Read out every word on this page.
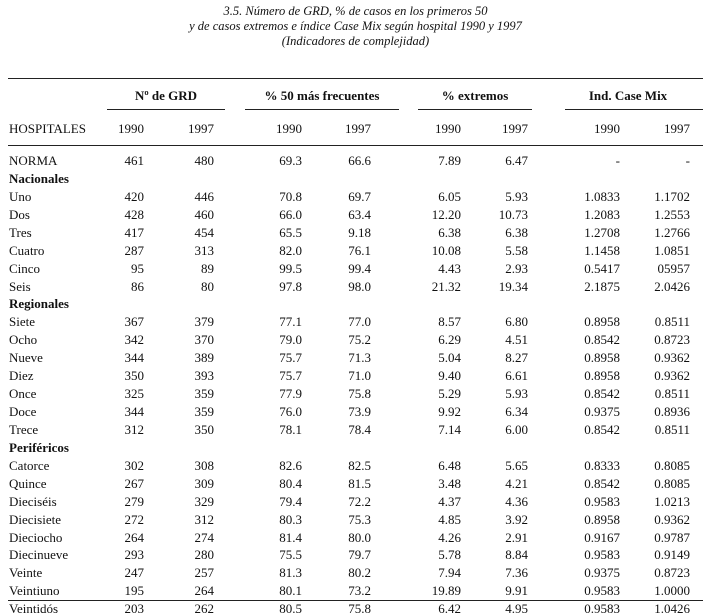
3.5. Número de GRD, % de casos en los primeros 50
y de casos extremos e índice Case Mix según hospital 1990 y 1997
(Indicadores de complejidad)
Nº de GRD	% 50 más frecuentes	% extremos	Ind. Case Mix
HOSPITALES	1990	1997	1990	1997	1990	1997	1990	1997
NORMA	461	480	69.3	66.6	7.89	6.47	-	-
Nacionales
Uno	420	446	70.8	69.7	6.05	5.93	1.0833	1.1702
Dos	428	460	66.0	63.4	12.20	10.73	1.2083	1.2553
Tres	417	454	65.5	9.18	6.38	6.38	1.2708	1.2766
Cuatro	287	313	82.0	76.1	10.08	5.58	1.1458	1.0851
Cinco	95	89	99.5	99.4	4.43	2.93	0.5417	05957
Seis	86	80	97.8	98.0	21.32	19.34	2.1875	2.0426
Regionales
Siete	367	379	77.1	77.0	8.57	6.80	0.8958	0.8511
Ocho	342	370	79.0	75.2	6.29	4.51	0.8542	0.8723
Nueve	344	389	75.7	71.3	5.04	8.27	0.8958	0.9362
Diez	350	393	75.7	71.0	9.40	6.61	0.8958	0.9362
Once	325	359	77.9	75.8	5.29	5.93	0.8542	0.8511
Doce	344	359	76.0	73.9	9.92	6.34	0.9375	0.8936
Trece	312	350	78.1	78.4	7.14	6.00	0.8542	0.8511
Periféricos
Catorce	302	308	82.6	82.5	6.48	5.65	0.8333	0.8085
Quince	267	309	80.4	81.5	3.48	4.21	0.8542	0.8085
Dieciséis	279	329	79.4	72.2	4.37	4.36	0.9583	1.0213
Diecisiete	272	312	80.3	75.3	4.85	3.92	0.8958	0.9362
Dieciocho	264	274	81.4	80.0	4.26	2.91	0.9167	0.9787
Diecinueve	293	280	75.5	79.7	5.78	8.84	0.9583	0.9149
Veinte	247	257	81.3	80.2	7.94	7.36	0.9375	0.8723
Veintiuno	195	264	80.1	73.2	19.89	9.91	0.9583	1.0000
Veintidós	203	262	80.5	75.8	6.42	4.95	0.9583	1.0426
